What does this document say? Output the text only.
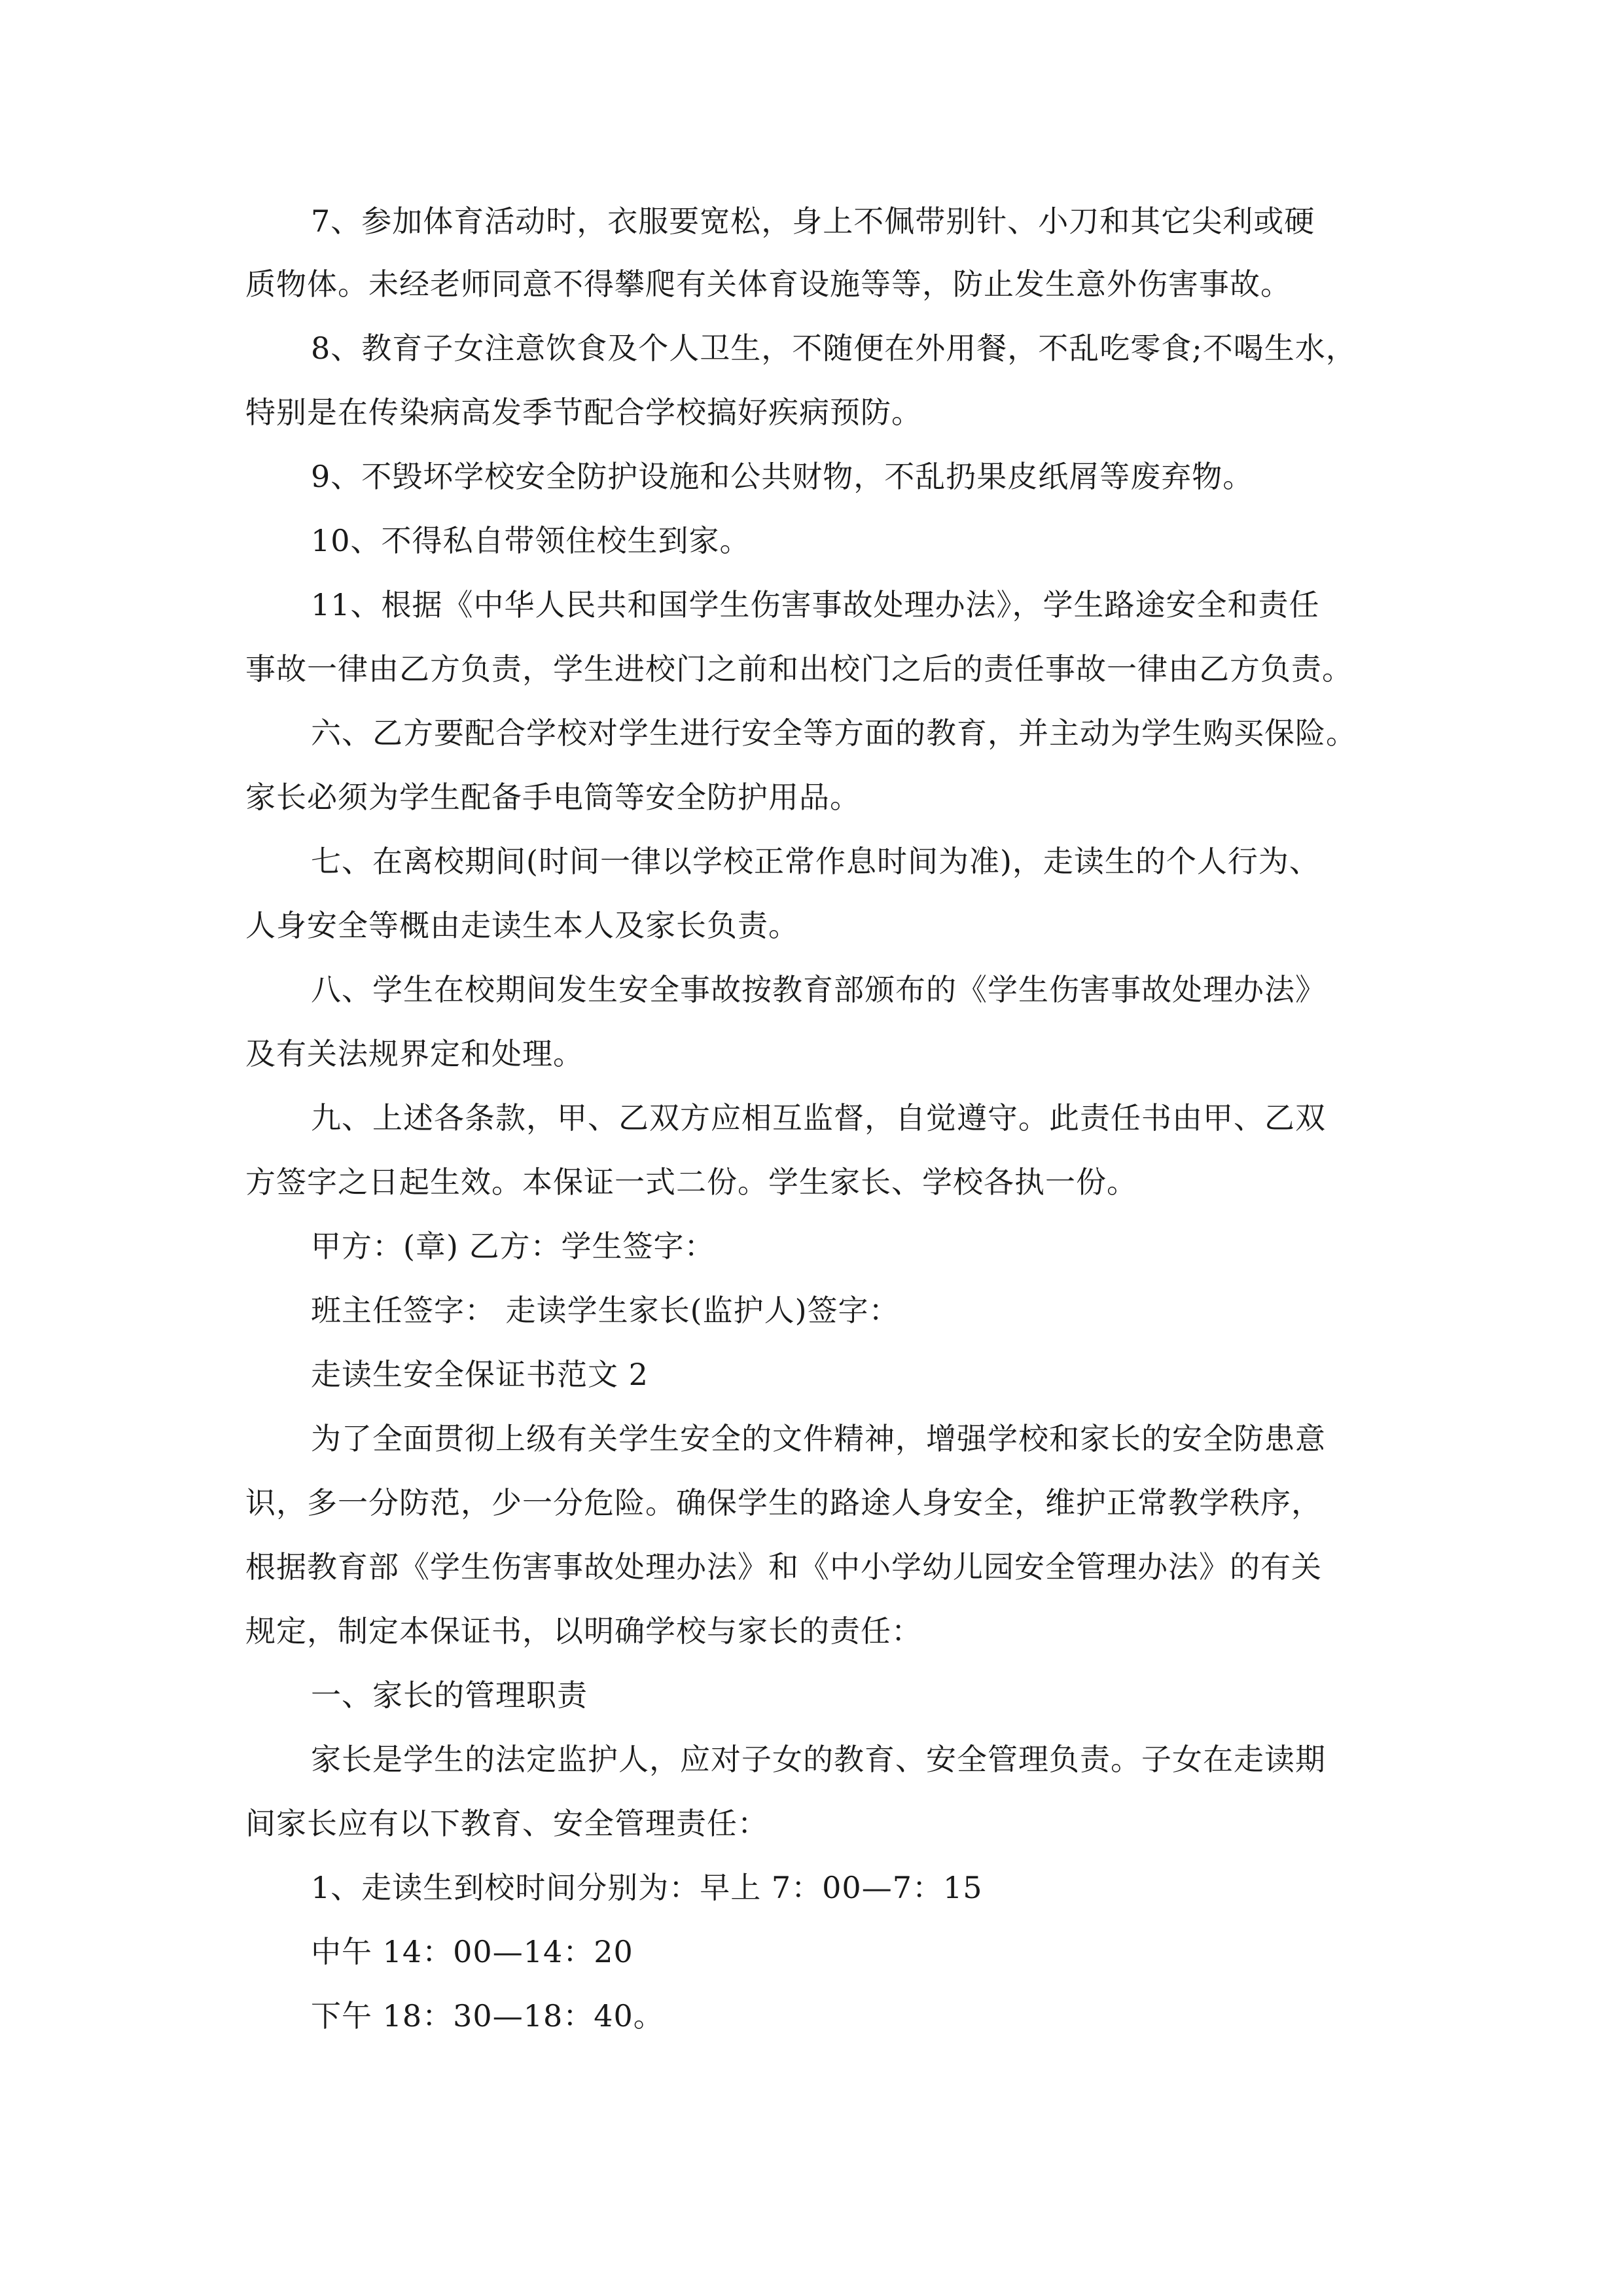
7、参加体育活动时，衣服要宽松，身上不佩带别针、小刀和其它尖利或硬
质物体。未经老师同意不得攀爬有关体育设施等等，防止发生意外伤害事故。
8、教育子女注意饮食及个人卫生，不随便在外用餐，不乱吃零食;不喝生水，
特别是在传染病高发季节配合学校搞好疾病预防。
9、不毁坏学校安全防护设施和公共财物，不乱扔果皮纸屑等废弃物。
10、不得私自带领住校生到家。
11、根据《中华人民共和国学生伤害事故处理办法》，学生路途安全和责任
事故一律由乙方负责，学生进校门之前和出校门之后的责任事故一律由乙方负责。
六、乙方要配合学校对学生进行安全等方面的教育，并主动为学生购买保险。
家长必须为学生配备手电筒等安全防护用品。
七、在离校期间(时间一律以学校正常作息时间为准)，走读生的个人行为、
人身安全等概由走读生本人及家长负责。
八、学生在校期间发生安全事故按教育部颁布的《学生伤害事故处理办法》
及有关法规界定和处理。
九、上述各条款，甲、乙双方应相互监督，自觉遵守。此责任书由甲、乙双
方签字之日起生效。本保证一式二份。学生家长、学校各执一份。
甲方：(章) 乙方：学生签字：
班主任签字： 走读学生家长(监护人)签字：
走读生安全保证书范文 2
为了全面贯彻上级有关学生安全的文件精神，增强学校和家长的安全防患意
识，多一分防范，少一分危险。确保学生的路途人身安全，维护正常教学秩序，
根据教育部《学生伤害事故处理办法》和《中小学幼儿园安全管理办法》的有关
规定，制定本保证书，以明确学校与家长的责任：
一、家长的管理职责
家长是学生的法定监护人，应对子女的教育、安全管理负责。子女在走读期
间家长应有以下教育、安全管理责任：
1、走读生到校时间分别为：早上 7：00—7：15
中午 14：00—14：20
下午 18：30—18：40。
